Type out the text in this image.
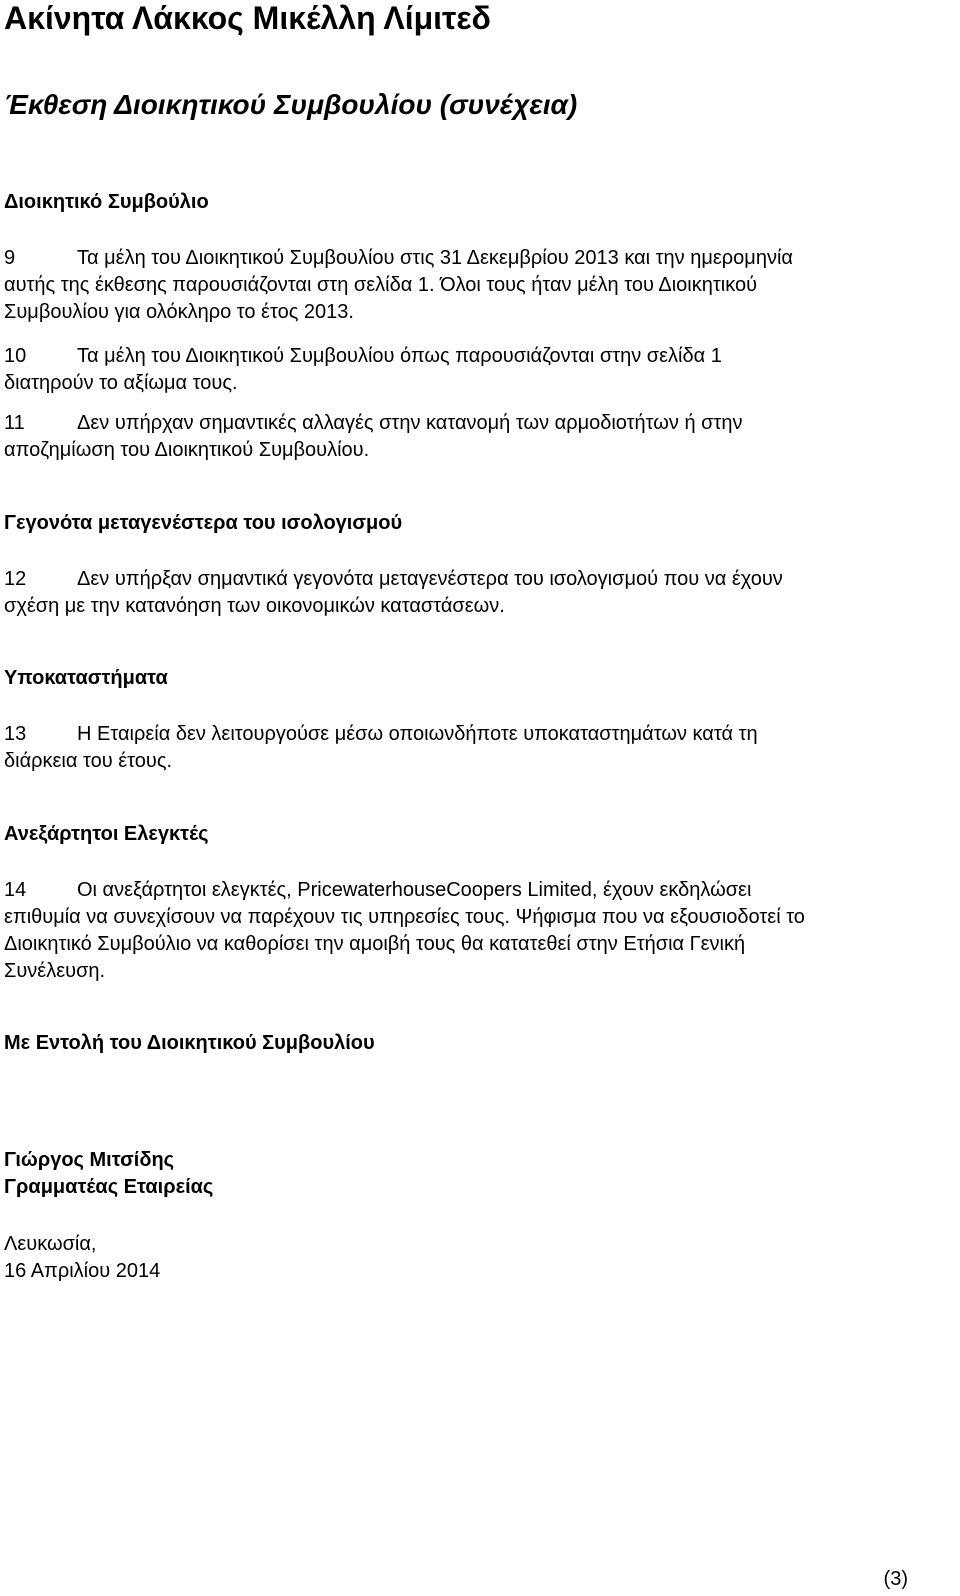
Ακίνητα Λάκκος Μικέλλη Λίμιτεδ
Έκθεση Διοικητικού Συμβουλίου (συνέχεια)
Διοικητικό Συμβούλιο
9	Τα μέλη του Διοικητικού Συμβουλίου στις 31 Δεκεμβρίου 2013 και την ημερομηνία
αυτής της έκθεσης παρουσιάζονται στη σελίδα 1. Όλοι τους ήταν μέλη του Διοικητικού
Συμβουλίου για ολόκληρο το έτος 2013.
10	Τα μέλη του Διοικητικού Συμβουλίου όπως παρουσιάζονται στην σελίδα 1
διατηρούν το αξίωμα τους.
11	Δεν υπήρχαν σημαντικές αλλαγές στην κατανομή των αρμοδιοτήτων ή στην
αποζημίωση του Διοικητικού Συμβουλίου.
Γεγονότα μεταγενέστερα του ισολογισμού
12	Δεν υπήρξαν σημαντικά γεγονότα μεταγενέστερα του ισολογισμού που να έχουν
σχέση με την κατανόηση των οικονομικών καταστάσεων.
Υποκαταστήματα
13	Η Εταιρεία δεν λειτουργούσε μέσω οποιωνδήποτε υποκαταστημάτων κατά τη
διάρκεια του έτους.
Ανεξάρτητοι Ελεγκτές
14	Οι ανεξάρτητοι ελεγκτές, PricewaterhouseCoopers Limited, έχουν εκδηλώσει
επιθυμία να συνεχίσουν να παρέχουν τις υπηρεσίες τους. Ψήφισμα που να εξουσιοδοτεί το
Διοικητικό Συμβούλιο να καθορίσει την αμοιβή τους θα κατατεθεί στην Ετήσια Γενική
Συνέλευση.
Με Εντολή του Διοικητικού Συμβουλίου
Γιώργος Μιτσίδης
Γραμματέας Εταιρείας
Λευκωσία,
16 Απριλίου 2014
(3)
